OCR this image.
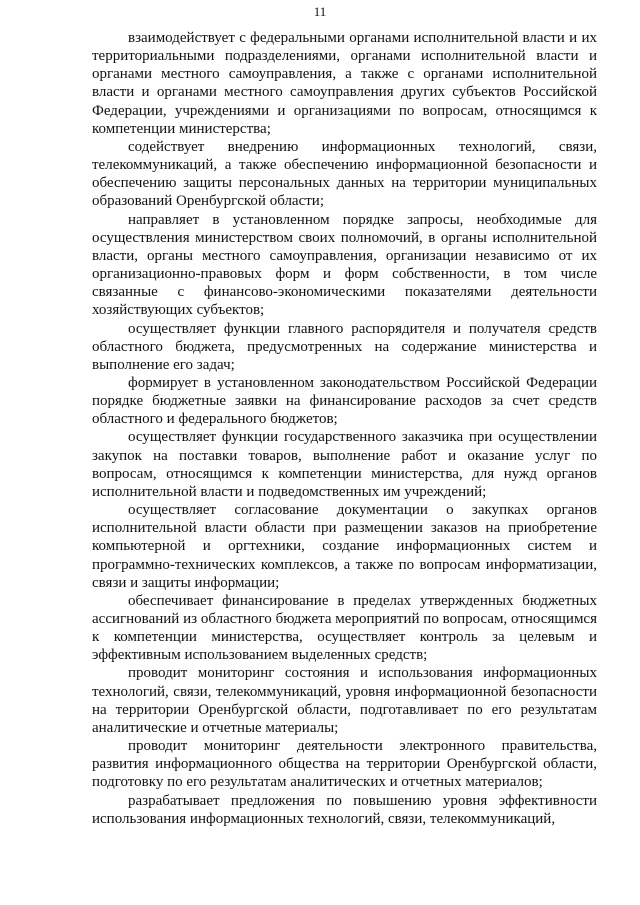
11

взаимодействует с федеральными органами исполнительной власти и их территориальными подразделениями, органами исполнительной власти и органами местного самоуправления, а также с органами исполнительной власти и органами местного самоуправления других субъектов Российской Федерации, учреждениями и организациями по вопросам, относящимся к компетенции министерства;

содействует внедрению информационных технологий, связи, телекоммуникаций, а также обеспечению информационной безопасности и обеспечению защиты персональных данных на территории муниципальных образований Оренбургской области;

направляет в установленном порядке запросы, необходимые для осуществления министерством своих полномочий, в органы исполнительной власти, органы местного самоуправления, организации независимо от их организационно-правовых форм и форм собственности, в том числе связанные с финансово-экономическими показателями деятельности хозяйствующих субъектов;

осуществляет функции главного распорядителя и получателя средств областного бюджета, предусмотренных на содержание министерства и выполнение его задач;

формирует в установленном законодательством Российской Федерации порядке бюджетные заявки на финансирование расходов за счет средств областного и федерального бюджетов;

осуществляет функции государственного заказчика при осуществлении закупок на поставки товаров, выполнение работ и оказание услуг по вопросам, относящимся к компетенции министерства, для нужд органов исполнительной власти и подведомственных им учреждений;

осуществляет согласование документации о закупках органов исполнительной власти области при размещении заказов на приобретение компьютерной и оргтехники, создание информационных систем и программно-технических комплексов, а также по вопросам информатизации, связи и защиты информации;

обеспечивает финансирование в пределах утвержденных бюджетных ассигнований из областного бюджета мероприятий по вопросам, относящимся к компетенции министерства, осуществляет контроль за целевым и эффективным использованием выделенных средств;

проводит мониторинг состояния и использования информационных технологий, связи, телекоммуникаций, уровня информационной безопасности на территории Оренбургской области, подготавливает по его результатам аналитические и отчетные материалы;

проводит мониторинг деятельности электронного правительства, развития информационного общества на территории Оренбургской области, подготовку по его результатам аналитических и отчетных материалов;

разрабатывает предложения по повышению уровня эффективности использования информационных технологий, связи, телекоммуникаций,
